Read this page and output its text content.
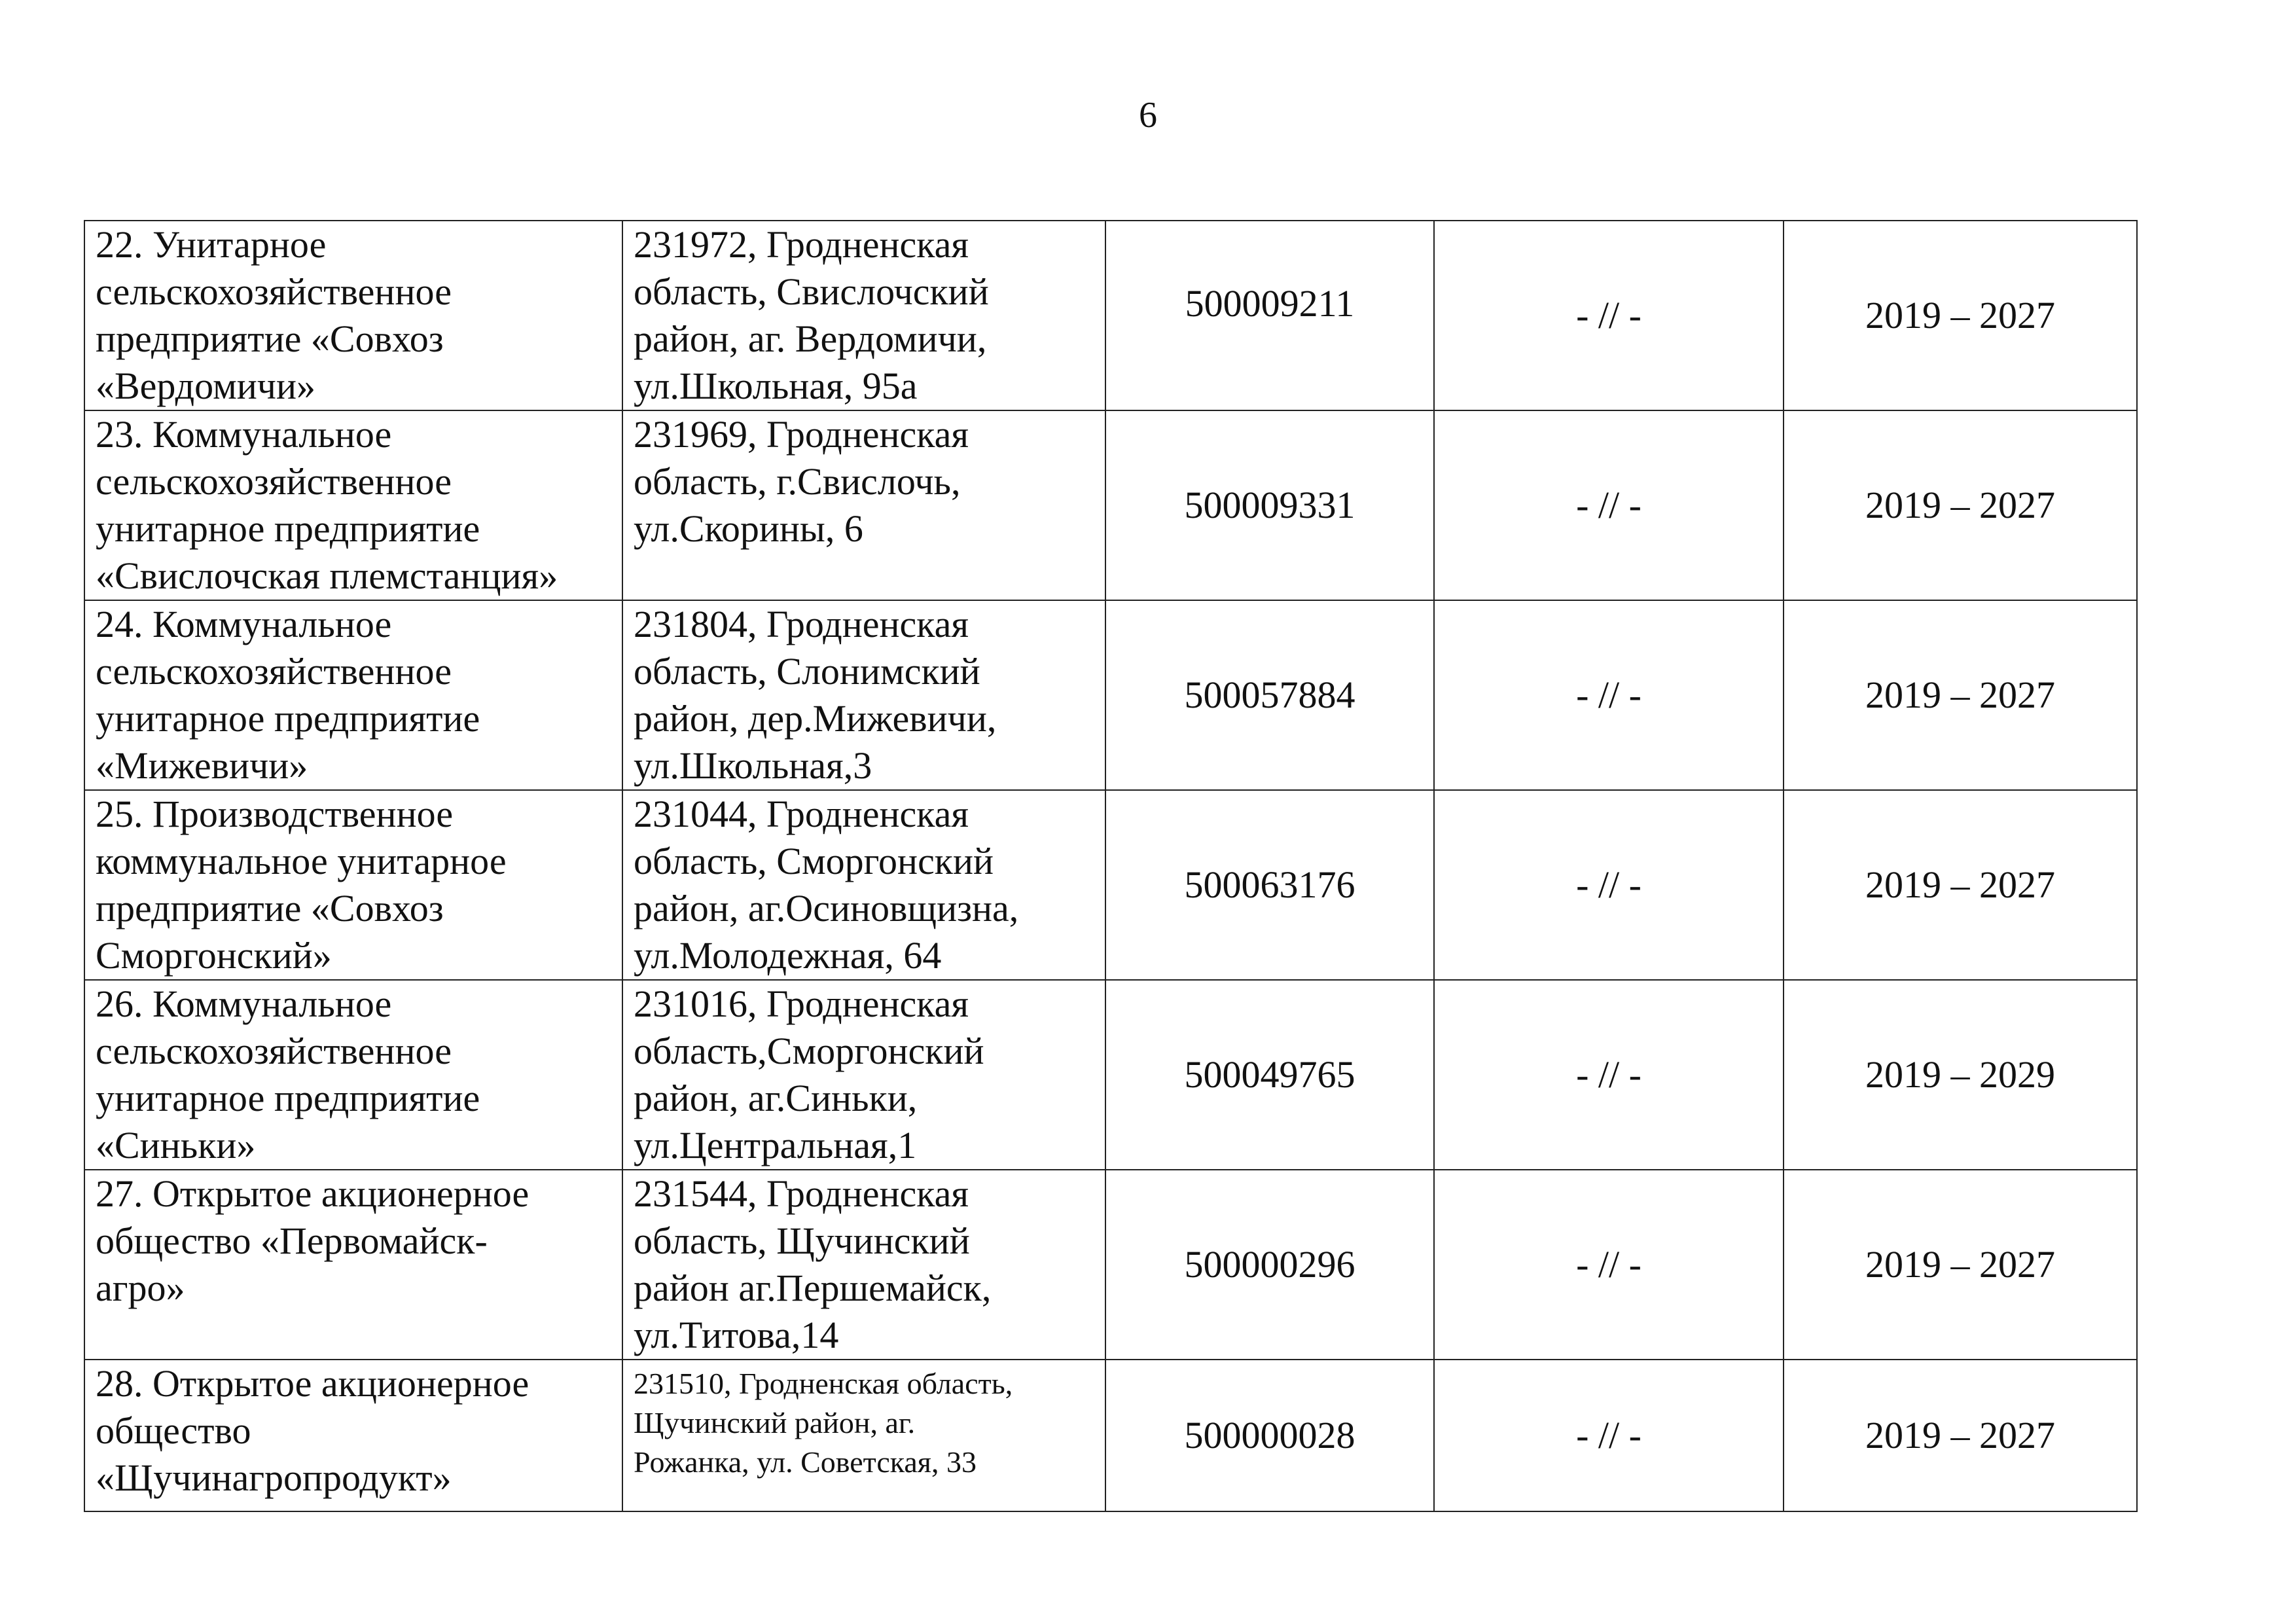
6
22. Унитарное
сельскохозяйственное
предприятие «Совхоз
«Вердомичи»	231972, Гродненская
область, Свислочский
район, аг. Вердомичи,
ул.Школьная, 95а	500009211	- // -	2019 – 2027

23. Коммунальное
сельскохозяйственное
унитарное предприятие
«Свислочская племстанция»	231969, Гродненская
область, г.Свислочь,
ул.Скорины, 6	500009331	- // -	2019 – 2027

24. Коммунальное
сельскохозяйственное
унитарное предприятие
«Мижевичи»	231804, Гродненская
область, Слонимский
район, дер.Мижевичи,
ул.Школьная,3	500057884	- // -	2019 – 2027

25. Производственное
коммунальное унитарное
предприятие «Совхоз
Сморгонский»	231044, Гродненская
область, Сморгонский
район, аг.Осиновщизна,
ул.Молодежная, 64	500063176	- // -	2019 – 2027

26. Коммунальное
сельскохозяйственное
унитарное предприятие
«Синьки»	231016, Гродненская
область,Сморгонский
район, аг.Синьки,
ул.Центральная,1	500049765	- // -	2019 – 2029

27. Открытое акционерное
общество «Первомайск-
агро»	231544, Гродненская
область, Щучинский
район аг.Першемайск,
ул.Титова,14	500000296	- // -	2019 – 2027

28. Открытое акционерное
общество
«Щучинагропродукт»	231510, Гродненская область,
Щучинский район, аг.
Рожанка, ул. Советская, 33	500000028	- // -	2019 – 2027
